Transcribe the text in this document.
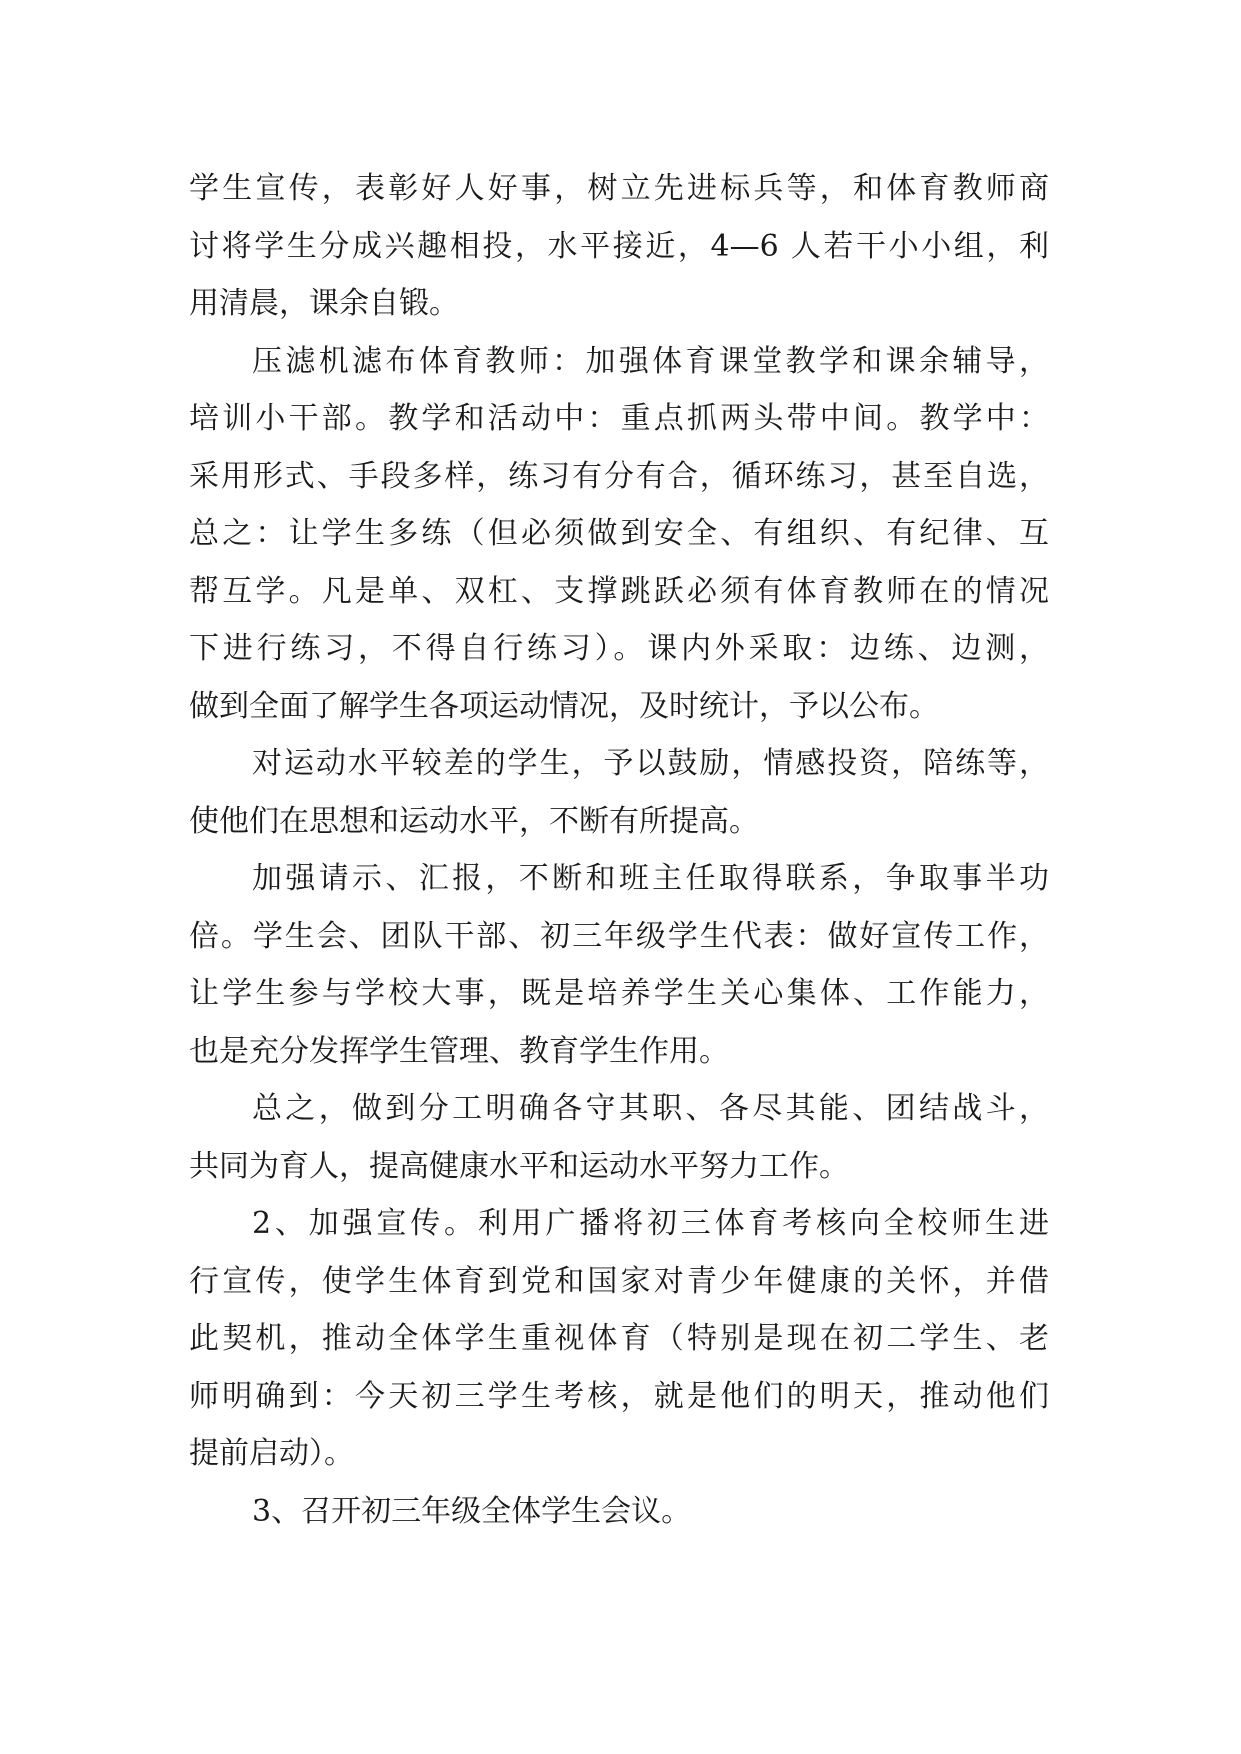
学生宣传，表彰好人好事，树立先进标兵等，和体育教师商
讨将学生分成兴趣相投，水平接近，4—6 人若干小小组，利
用清晨，课余自锻。
压滤机滤布体育教师：加强体育课堂教学和课余辅导，
培训小干部。教学和活动中：重点抓两头带中间。教学中：
采用形式、手段多样，练习有分有合，循环练习，甚至自选，
总之：让学生多练（但必须做到安全、有组织、有纪律、互
帮互学。凡是单、双杠、支撑跳跃必须有体育教师在的情况
下进行练习，不得自行练习）。课内外采取：边练、边测，
做到全面了解学生各项运动情况，及时统计，予以公布。
对运动水平较差的学生，予以鼓励，情感投资，陪练等，
使他们在思想和运动水平，不断有所提高。
加强请示、汇报，不断和班主任取得联系，争取事半功
倍。学生会、团队干部、初三年级学生代表：做好宣传工作，
让学生参与学校大事，既是培养学生关心集体、工作能力，
也是充分发挥学生管理、教育学生作用。
总之，做到分工明确各守其职、各尽其能、团结战斗，
共同为育人，提高健康水平和运动水平努力工作。
2、加强宣传。利用广播将初三体育考核向全校师生进
行宣传，使学生体育到党和国家对青少年健康的关怀，并借
此契机，推动全体学生重视体育（特别是现在初二学生、老
师明确到：今天初三学生考核，就是他们的明天，推动他们
提前启动）。
3、召开初三年级全体学生会议。
